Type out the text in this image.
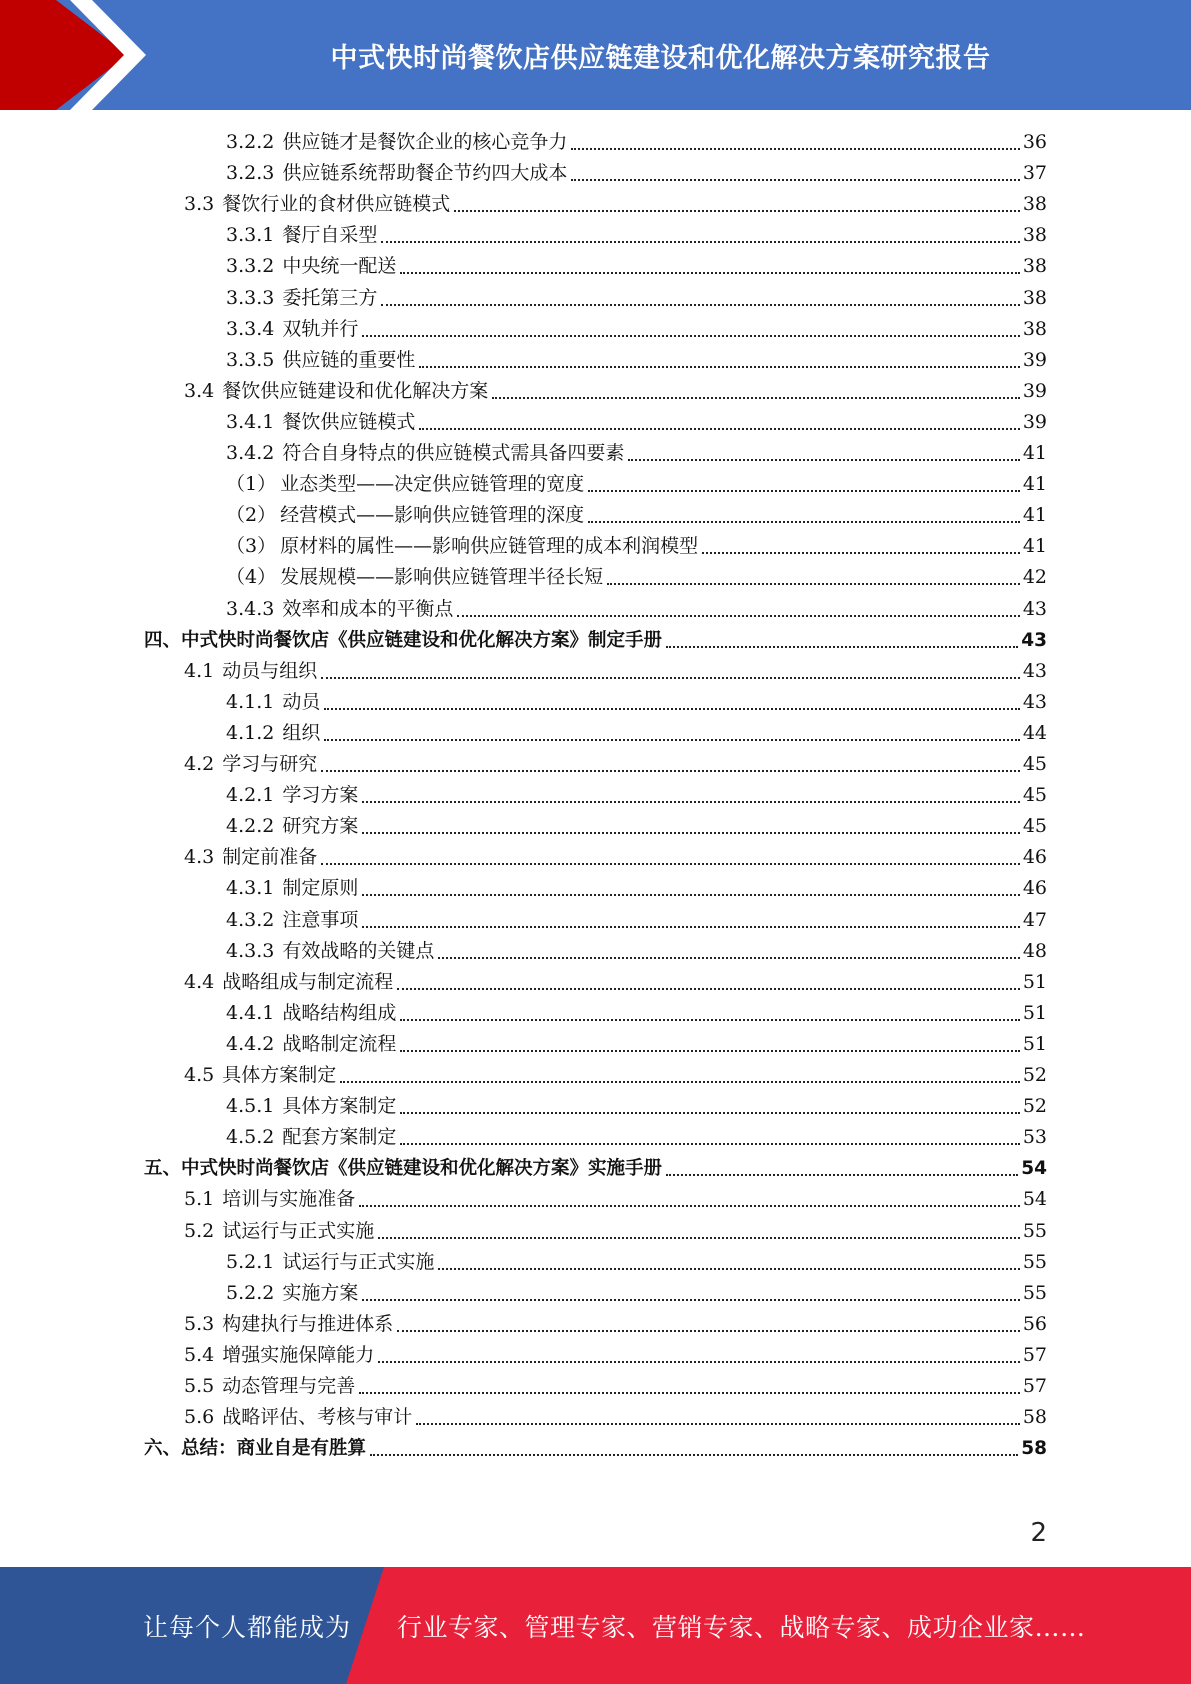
中式快时尚餐饮店供应链建设和优化解决方案研究报告
3.2.2 供应链才是餐饮企业的核心竞争力	36
3.2.3 供应链系统帮助餐企节约四大成本	37
3.3 餐饮行业的食材供应链模式	38
3.3.1 餐厅自采型	38
3.3.2 中央统一配送	38
3.3.3 委托第三方	38
3.3.4 双轨并行	38
3.3.5 供应链的重要性	39
3.4 餐饮供应链建设和优化解决方案	39
3.4.1 餐饮供应链模式	39
3.4.2 符合自身特点的供应链模式需具备四要素	41
（1） 业态类型——决定供应链管理的宽度	41
（2） 经营模式——影响供应链管理的深度	41
（3） 原材料的属性——影响供应链管理的成本利润模型	41
（4） 发展规模——影响供应链管理半径长短	42
3.4.3 效率和成本的平衡点	43
四、 中式快时尚餐饮店《供应链建设和优化解决方案》制定手册	43
4.1 动员与组织	43
4.1.1 动员	43
4.1.2 组织	44
4.2 学习与研究	45
4.2.1 学习方案	45
4.2.2 研究方案	45
4.3 制定前准备	46
4.3.1 制定原则	46
4.3.2 注意事项	47
4.3.3 有效战略的关键点	48
4.4 战略组成与制定流程	51
4.4.1 战略结构组成	51
4.4.2 战略制定流程	51
4.5 具体方案制定	52
4.5.1 具体方案制定	52
4.5.2 配套方案制定	53
五、 中式快时尚餐饮店《供应链建设和优化解决方案》实施手册	54
5.1 培训与实施准备	54
5.2 试运行与正式实施	55
5.2.1 试运行与正式实施	55
5.2.2 实施方案	55
5.3 构建执行与推进体系	56
5.4 增强实施保障能力	57
5.5 动态管理与完善	57
5.6 战略评估、考核与审计	58
六、 总结：商业自是有胜算	58
2
让每个人都能成为 行业专家、管理专家、营销专家、战略专家、成功企业家……
